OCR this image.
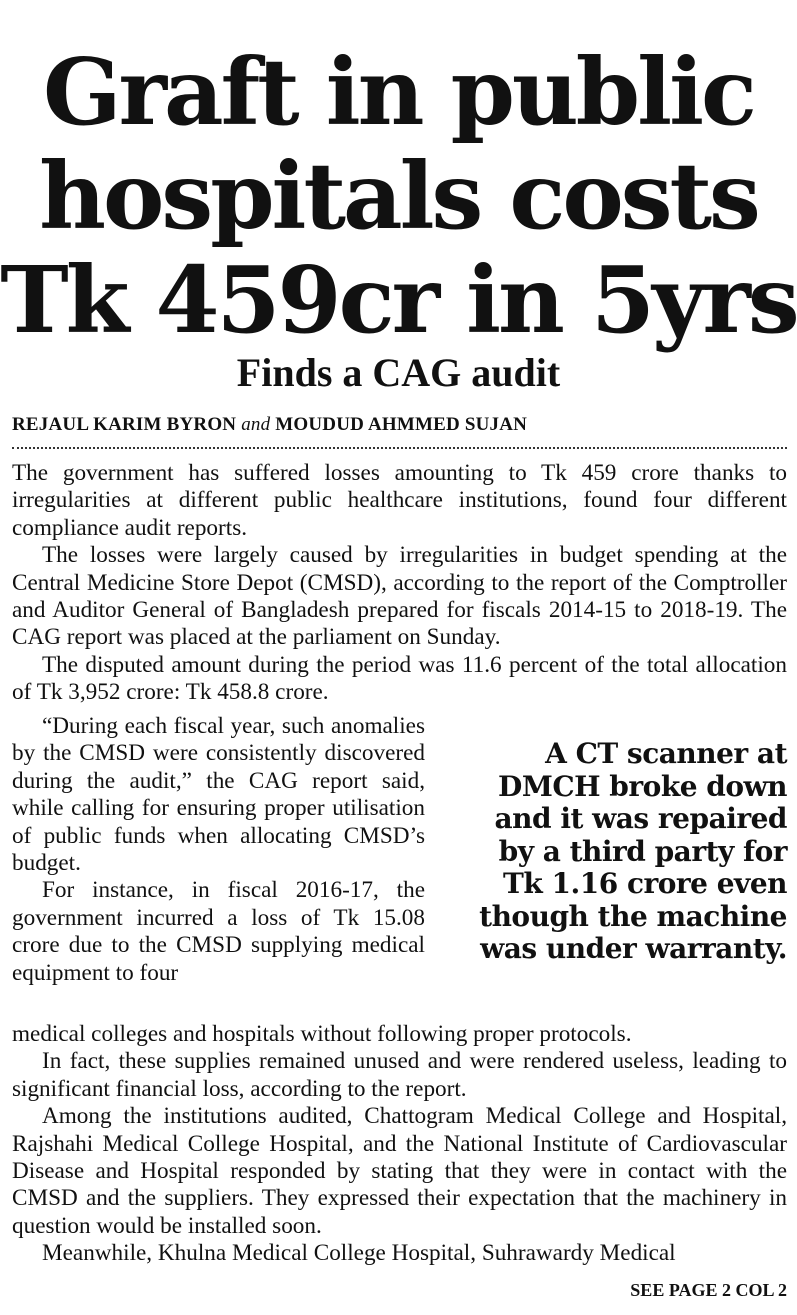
Graft in public
hospitals costs
Tk 459cr in 5yrs
Finds a CAG audit
REJAUL KARIM BYRON and MOUDUD AHMMED SUJAN

The government has suffered losses amounting to Tk 459 crore thanks to irregularities at different public healthcare institutions, found four different compliance audit reports.

The losses were largely caused by irregularities in budget spending at the Central Medicine Store Depot (CMSD), according to the report of the Comptroller and Auditor General of Bangladesh prepared for fiscals 2014-15 to 2018-19. The CAG report was placed at the parliament on Sunday.

The disputed amount during the period was 11.6 percent of the total allocation of Tk 3,952 crore: Tk 458.8 crore.

“During each fiscal year, such anomalies by the CMSD were consistently discovered during the audit,” the CAG report said, while calling for ensuring proper utilisation of public funds when allocating CMSD’s budget.

For instance, in fiscal 2016-17, the government incurred a loss of Tk 15.08 crore due to the CMSD supplying medical equipment to four

A CT scanner at DMCH broke down and it was repaired by a third party for Tk 1.16 crore even though the machine was under warranty.

medical colleges and hospitals without following proper protocols.

In fact, these supplies remained unused and were rendered useless, leading to significant financial loss, according to the report.

Among the institutions audited, Chattogram Medical College and Hospital, Rajshahi Medical College Hospital, and the National Institute of Cardiovascular Disease and Hospital responded by stating that they were in contact with the CMSD and the suppliers. They expressed their expectation that the machinery in question would be installed soon.

Meanwhile, Khulna Medical College Hospital, Suhrawardy Medical

SEE PAGE 2 COL 2
